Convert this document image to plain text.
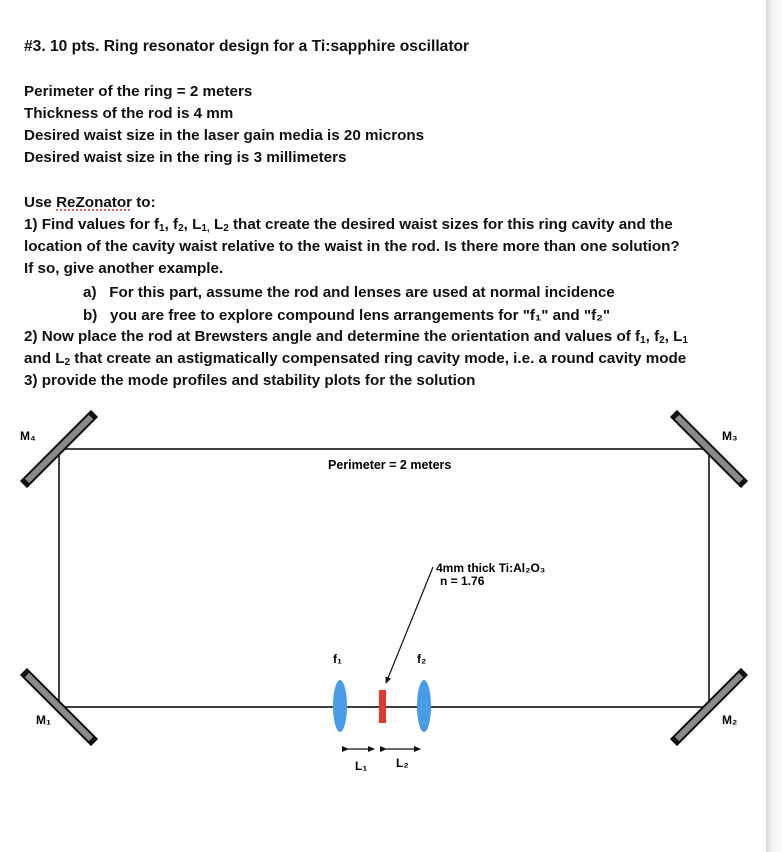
#3. 10 pts. Ring resonator design for a Ti:sapphire oscillator
Perimeter of the ring = 2 meters
Thickness of the rod is 4 mm
Desired waist size in the laser gain media is 20 microns
Desired waist size in the ring is 3 millimeters
Use ReZonator to:
1) Find values for $f_1$, $f_2$, $L_{1,}$ $L_2$ that create the desired waist sizes for this ring cavity and the
location of the cavity waist relative to the waist in the rod. Is there more than one solution?
If so, give another example.
a) For this part, assume the rod and lenses are used at normal incidence
b) you are free to explore compound lens arrangements for "f₁" and "f₂"
2) Now place the rod at Brewsters angle and determine the orientation and values of $f_1$, $f_2$, $L_1$
and $L_2$ that create an astigmatically compensated ring cavity mode, i.e. a round cavity mode
3) provide the mode profiles and stability plots for the solution
M₄	M₃
M₁	M₂
Perimeter = 2 meters
f₁	f₂
4mm thick Ti:Al₂O₃
n = 1.76
L₁ L₂
